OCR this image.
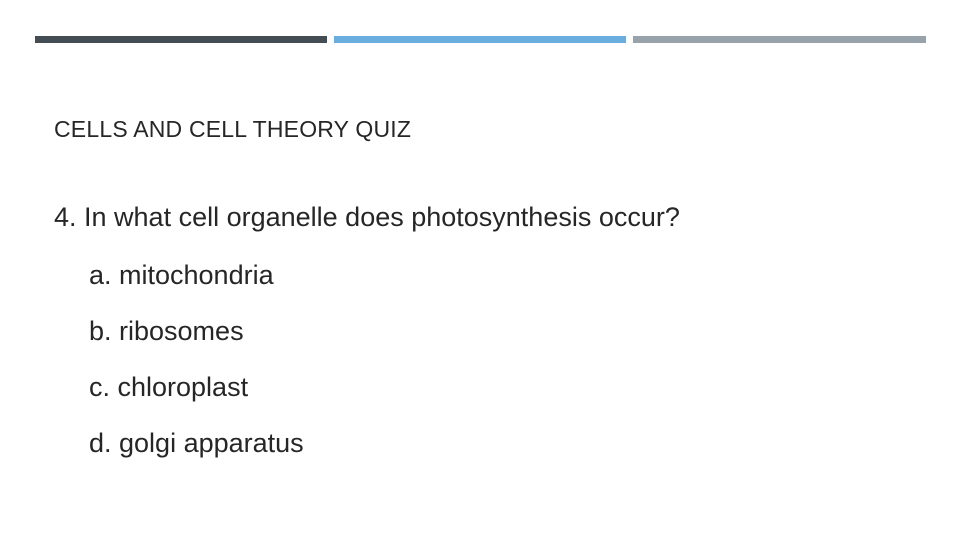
CELLS AND CELL THEORY QUIZ
4. In what cell organelle does photosynthesis occur?
a. mitochondria
b. ribosomes
c. chloroplast
d. golgi apparatus
